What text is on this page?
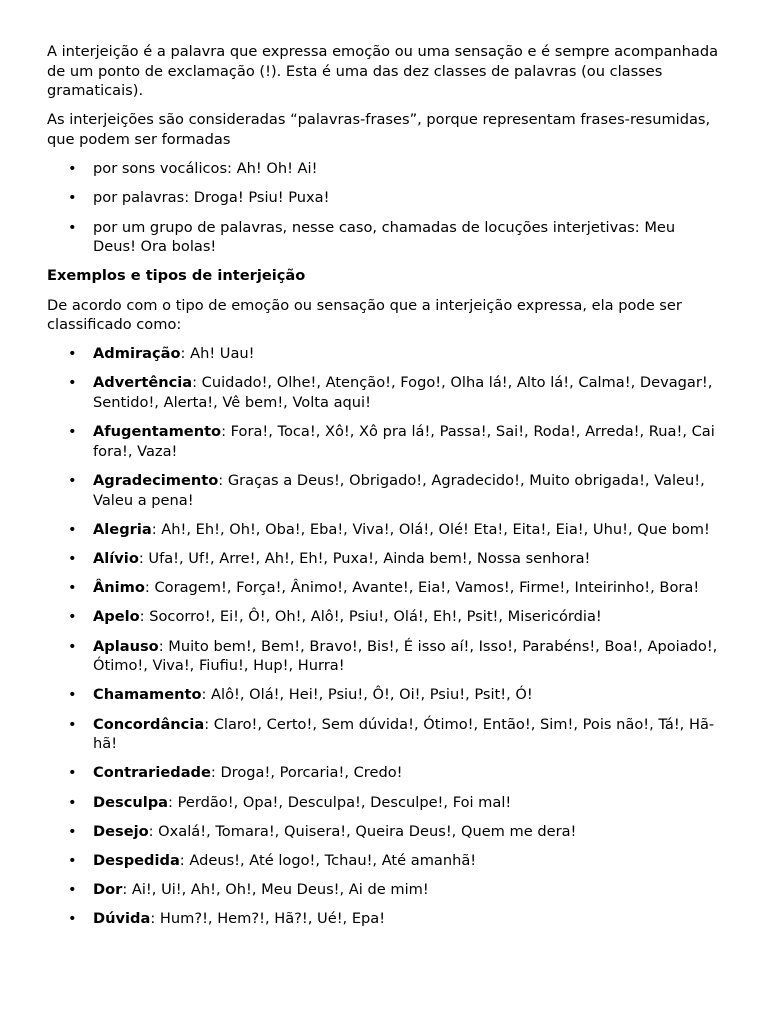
A interjeição é a palavra que expressa emoção ou uma sensação e é sempre acompanhada de um ponto de exclamação (!). Esta é uma das dez classes de palavras (ou classes gramaticais).

As interjeições são consideradas “palavras-frases”, porque representam frases-resumidas, que podem ser formadas

• por sons vocálicos: Ah! Oh! Ai!
• por palavras: Droga! Psiu! Puxa!
• por um grupo de palavras, nesse caso, chamadas de locuções interjetivas: Meu Deus! Ora bolas!
Exemplos e tipos de interjeição

De acordo com o tipo de emoção ou sensação que a interjeição expressa, ela pode ser classificado como:

• Admiração: Ah! Uau!
• Advertência: Cuidado!, Olhe!, Atenção!, Fogo!, Olha lá!, Alto lá!, Calma!, Devagar!, Sentido!, Alerta!, Vê bem!, Volta aqui!
• Afugentamento: Fora!, Toca!, Xô!, Xô pra lá!, Passa!, Sai!, Roda!, Arreda!, Rua!, Cai fora!, Vaza!
• Agradecimento: Graças a Deus!, Obrigado!, Agradecido!, Muito obrigada!, Valeu!, Valeu a pena!
• Alegria: Ah!, Eh!, Oh!, Oba!, Eba!, Viva!, Olá!, Olé! Eta!, Eita!, Eia!, Uhu!, Que bom!
• Alívio: Ufa!, Uf!, Arre!, Ah!, Eh!, Puxa!, Ainda bem!, Nossa senhora!
• Ânimo: Coragem!, Força!, Ânimo!, Avante!, Eia!, Vamos!, Firme!, Inteirinho!, Bora!
• Apelo: Socorro!, Ei!, Ô!, Oh!, Alô!, Psiu!, Olá!, Eh!, Psit!, Misericórdia!
• Aplauso: Muito bem!, Bem!, Bravo!, Bis!, É isso aí!, Isso!, Parabéns!, Boa!, Apoiado!, Ótimo!, Viva!, Fiufiu!, Hup!, Hurra!
• Chamamento: Alô!, Olá!, Hei!, Psiu!, Ô!, Oi!, Psiu!, Psit!, Ó!
• Concordância: Claro!, Certo!, Sem dúvida!, Ótimo!, Então!, Sim!, Pois não!, Tá!, Hã-hã!
• Contrariedade: Droga!, Porcaria!, Credo!
• Desculpa: Perdão!, Opa!, Desculpa!, Desculpe!, Foi mal!
• Desejo: Oxalá!, Tomara!, Quisera!, Queira Deus!, Quem me dera!
• Despedida: Adeus!, Até logo!, Tchau!, Até amanhã!
• Dor: Ai!, Ui!, Ah!, Oh!, Meu Deus!, Ai de mim!
• Dúvida: Hum?!, Hem?!, Hã?!, Ué!, Epa!
